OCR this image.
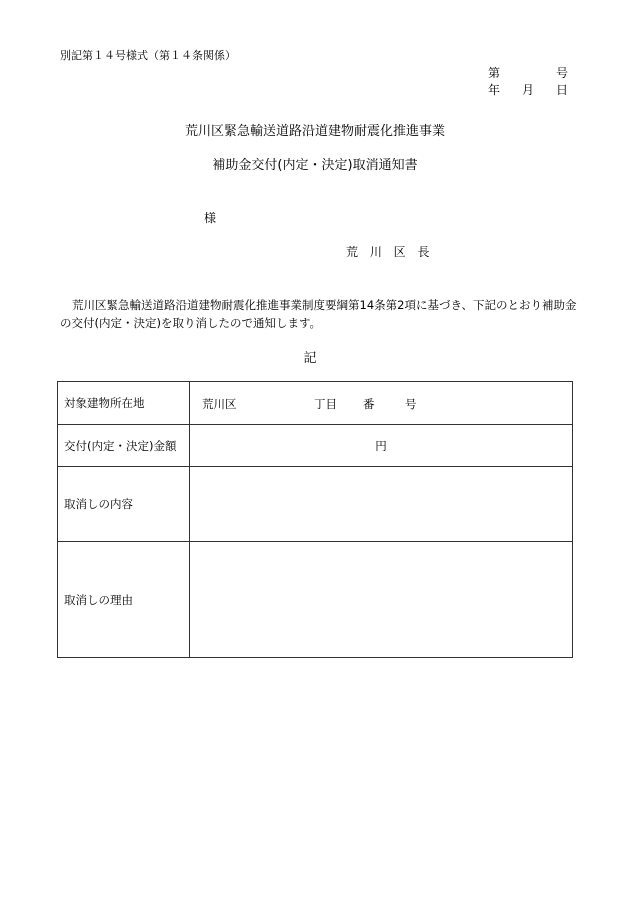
別記第１４号様式（第１４条関係）
第	号
年 月 日
荒川区緊急輸送道路沿道建物耐震化推進事業
補助金交付(内定・決定)取消通知書
様
荒 川 区 長
荒川区緊急輸送道路沿道建物耐震化推進事業制度要綱第14条第2項に基づき、下記のとおり補助金の交付(内定・決定)を取り消したので通知します。
記
対象建物所在地	荒川区 丁目 番 号

交付(内定・決定)金額	円
取消しの内容	
取消しの理由	
